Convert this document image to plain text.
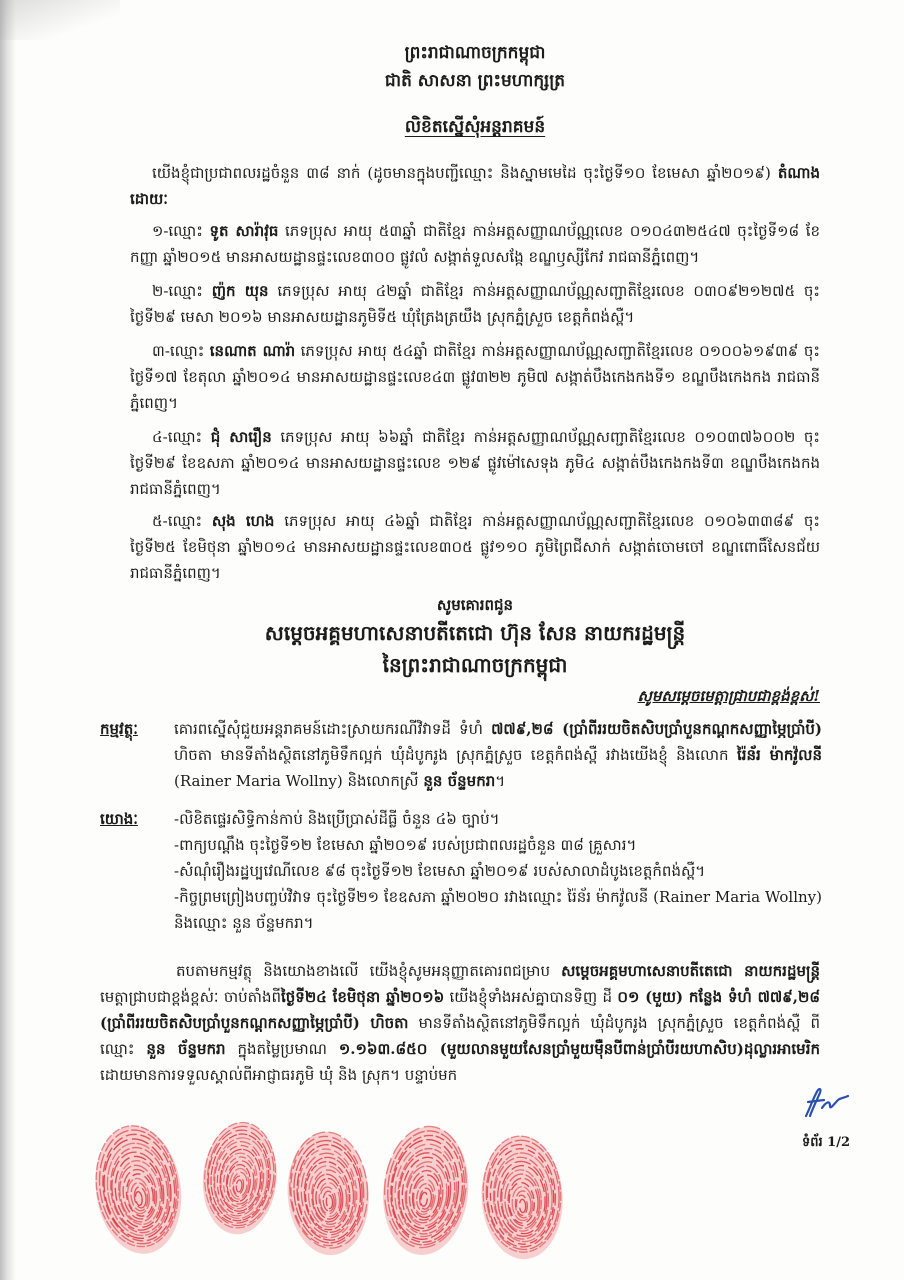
ព្រះរាជាណាចក្រកម្ពុជា
ជាតិ សាសនា ព្រះមហាក្សត្រ
លិខិតស្នើសុំអន្តរាគមន៍
យើងខ្ញុំជាប្រជាពលរដ្ឋចំនួន ៣៨ នាក់ (ដូចមានក្នុងបញ្ជីឈ្មោះ និងស្នាមមេដៃ ចុះថ្ងៃទី១០ ខែមេសា ឆ្នាំ២០១៩) តំណាងដោយៈ
១-ឈ្មោះ ទូត សារ៉ាវុធ ភេទប្រុស អាយុ ៥៣ឆ្នាំ ជាតិខ្មែរ កាន់អត្តសញ្ញាណប័ណ្ណលេខ ០១០៤៣២៥៤៧ ចុះថ្ងៃទី១៨ ខែកញ្ញា ឆ្នាំ២០១៥ មានអាសយដ្ឋានផ្ទះលេខ៣០០ ផ្លូវលំ សង្កាត់ទួលសង្កែ ខណ្ឌឫស្សីកែវ រាជធានីភ្នំពេញ។
២-ឈ្មោះ ញ៉ក យុន ភេទប្រុស អាយុ ៤២ឆ្នាំ ជាតិខ្មែរ កាន់អត្តសញ្ញាណប័ណ្ណសញ្ជាតិខ្មែរលេខ ០៣០៩២១២៧៥ ចុះថ្ងៃទី២៩ មេសា ២០១៦ មានអាសយដ្ឋានភូមិទី៥ ឃុំត្រែងត្រយឹង ស្រុកភ្នំស្រួច ខេត្តកំពង់ស្ពឺ។
៣-ឈ្មោះ នេណាត ណារ៉ា ភេទប្រុស អាយុ ៥៤ឆ្នាំ ជាតិខ្មែរ កាន់អត្តសញ្ញាណប័ណ្ណសញ្ជាតិខ្មែរលេខ ០១០០៦១៩៣៩ ចុះថ្ងៃទី១៧ ខែតុលា ឆ្នាំ២០១៤ មានអាសយដ្ឋានផ្ទះលេខ៤៣ ផ្លូវ៣២២ ភូមិ៧ សង្កាត់បឹងកេងកងទី១ ខណ្ឌបឹងកេងកង រាជធានីភ្នំពេញ។
៤-ឈ្មោះ ជុំ សារឿន ភេទប្រុស អាយុ ៦៦ឆ្នាំ ជាតិខ្មែរ កាន់អត្តសញ្ញាណប័ណ្ណសញ្ជាតិខ្មែរលេខ ០១០៣៧៦០០២ ចុះថ្ងៃទី២៩ ខែឧសភា ឆ្នាំ២០១៤ មានអាសយដ្ឋានផ្ទះលេខ ១២៩ ផ្លូវម៉ៅសេទុង ភូមិ៤ សង្កាត់បឹងកេងកងទី៣ ខណ្ឌបឹងកេងកង រាជធានីភ្នំពេញ។
៥-ឈ្មោះ សុង ហេង ភេទប្រុស អាយុ ៤៦ឆ្នាំ ជាតិខ្មែរ កាន់អត្តសញ្ញាណប័ណ្ណសញ្ជាតិខ្មែរលេខ ០១០៦៣៣៨៩ ចុះថ្ងៃទី២៥ ខែមិថុនា ឆ្នាំ២០១៤ មានអាសយដ្ឋានផ្ទះលេខ៣០៥ ផ្លូវ១១០ ភូមិព្រៃជីសាក់ សង្កាត់ចោមចៅ ខណ្ឌពោធិ៍សែនជ័យ រាជធានីភ្នំពេញ។
សូមគោរពជូន
សម្តេចអគ្គមហាសេនាបតីតេជោ ហ៊ុន សែន នាយករដ្ឋមន្ត្រី
នៃព្រះរាជាណាចក្រកម្ពុជា
សូមសម្តេចមេត្តាជ្រាបជាខ្ពង់ខ្ពស់!
កម្មវត្ថុៈ	គោរពស្នើសុំជួយអន្តរាគមន៍ដោះស្រាយករណីវិវាទដី ទំហំ ៧៧៩,២៨ (ប្រាំពីររយចិតសិបប្រាំបួនកណ្តកសញ្ញាម្ភៃប្រាំបី) ហិចតា មានទីតាំងស្ថិតនៅភូមិទឹកល្អក់ ឃុំដំបូករូង ស្រុកភ្នំស្រួច ខេត្តកំពង់ស្ពឺ រវាងយើងខ្ញុំ និងលោក រ៉ៃន័រ ម៉ាកវ៉ូលនី (Rainer Maria Wollny) និងលោកស្រី នួន ច័ន្ទមករា។
យោងៈ	-លិខិតផ្ទេរសិទ្ធិកាន់កាប់ និងប្រើប្រាស់ដីធ្លី ចំនួន ៤៦ ច្បាប់។
-ពាក្យបណ្តឹង ចុះថ្ងៃទី១២ ខែមេសា ឆ្នាំ២០១៩ របស់ប្រជាពលរដ្ឋចំនួន ៣៨ គ្រួសារ។
-សំណុំរឿងរដ្ឋប្បវេណីលេខ ៩៨ ចុះថ្ងៃទី១២ ខែមេសា ឆ្នាំ២០១៩ របស់សាលាដំបូងខេត្តកំពង់ស្ពឺ។
-កិច្ចព្រមព្រៀងបញ្ចប់វិវាទ ចុះថ្ងៃទី២១ ខែឧសភា ឆ្នាំ២០២០ រវាងឈ្មោះ រ៉ៃន័រ ម៉ាកវ៉ូលនី (Rainer Maria Wollny) និងឈ្មោះ នួន ច័ន្ទមករា។
តបតាមកម្មវត្ថុ និងយោងខាងលើ យើងខ្ញុំសូមអនុញ្ញាតគោរពជម្រាប សម្តេចអគ្គមហាសេនាបតីតេជោ នាយករដ្ឋមន្ត្រី មេត្តាជ្រាបជាខ្ពង់ខ្ពស់ៈ ចាប់តាំងពីថ្ងៃទី២៤ ខែមិថុនា ឆ្នាំ២០១៦ យើងខ្ញុំទាំងអស់គ្នាបានទិញ ដី ០១ (មួយ) កន្លែង ទំហំ ៧៧៩,២៨ (ប្រាំពីររយចិតសិបប្រាំបួនកណ្តកសញ្ញាម្ភៃប្រាំបី) ហិចតា មានទីតាំងស្ថិតនៅភូមិទឹកល្អក់ ឃុំដំបូករូង ស្រុកភ្នំស្រួច ខេត្តកំពង់ស្ពឺ ពីឈ្មោះ នួន ច័ន្ទមករា ក្នុងតម្លៃប្រមាណ ១.១៦៣.៨៥០ (មួយលានមួយសែនប្រាំមួយម៉ឺនបីពាន់ប្រាំបីរយហាសិប)ដុល្លារអាមេរិក ដោយមានការទទួលស្គាល់ពីអាជ្ញាធរភូមិ ឃុំ និង ស្រុក។ បន្ទាប់មក
ទំព័រ 1/2
